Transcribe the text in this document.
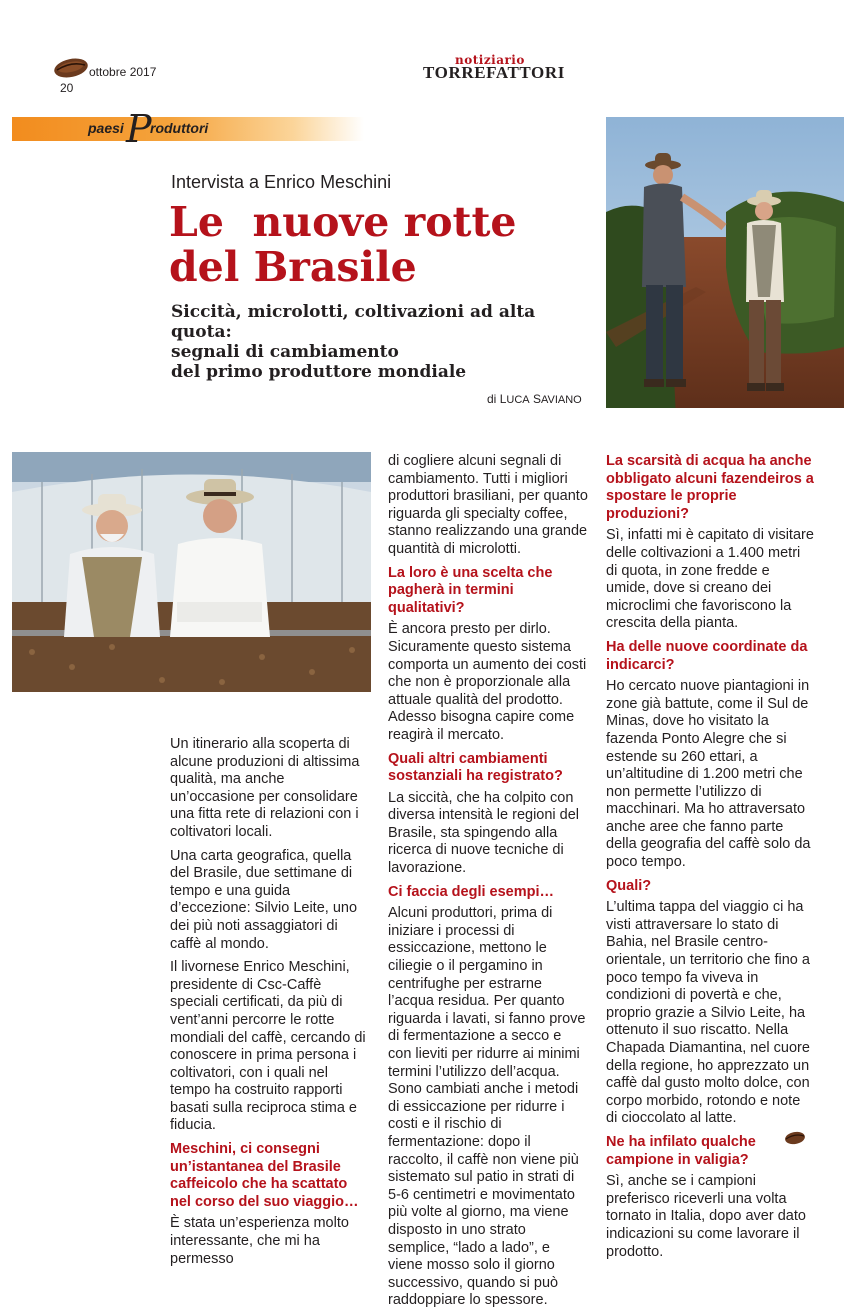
ottobre 2017
20
notiziario
TORREFATTORI
paesi P
roduttori
Intervista a Enrico Meschini
Le  nuove rotte
del Brasile
Siccità, microlotti, coltivazioni ad alta quota:
segnali di cambiamento
del primo produttore mondiale
di LUCA SAVIANO

Un itinerario alla scoperta di alcune produzioni di altissima qualità, ma anche un’occasione per consolidare una fitta rete di relazioni con i coltivatori locali.

Una carta geografica, quella del Brasile, due settimane di tempo e una guida d’eccezione: Silvio Leite, uno dei più noti assaggiatori di caffè al mondo.

Il livornese Enrico Meschini, presidente di Csc-Caffè speciali certificati, da più di vent’anni percorre le rotte mondiali del caffè, cercando di conoscere in prima persona i coltivatori, con i quali nel tempo ha costruito rapporti basati sulla reciproca stima e fiducia.

Meschini, ci consegni un’istantanea del Brasile caffeicolo che ha scattato nel corso del suo viaggio…

È stata un’esperienza molto interessante, che mi ha permesso

di cogliere alcuni segnali di cambiamento. Tutti i migliori produttori brasiliani, per quanto riguarda gli specialty coffee, stanno realizzando una grande quantità di microlotti.

La loro è una scelta che pagherà in termini qualitativi?

È ancora presto per dirlo. Sicuramente questo sistema comporta un aumento dei costi che non è proporzionale alla attuale qualità del prodotto. Adesso bisogna capire come reagirà il mercato.

Quali altri cambiamenti sostanziali ha registrato?

La siccità, che ha colpito con diversa intensità le regioni del Brasile, sta spingendo alla ricerca di nuove tecniche di lavorazione.

Ci faccia degli esempi…

Alcuni produttori, prima di iniziare i processi di essiccazione, mettono le ciliegie o il pergamino in centrifughe per estrarne l’acqua residua. Per quanto riguarda i lavati, si fanno prove di fermentazione a secco e con lieviti per ridurre ai minimi termini l’utilizzo dell’acqua. Sono cambiati anche i metodi di essiccazione per ridurre i costi e il rischio di fermentazione: dopo il raccolto, il caffè non viene più sistemato sul patio in strati di 5-6 centimetri e movimentato più volte al giorno, ma viene disposto in uno strato semplice, “lado a lado”, e viene mosso solo il giorno successivo, quando si può raddoppiare lo spessore.

La scarsità di acqua ha anche obbligato alcuni fazendeiros a spostare le proprie produzioni?

Sì, infatti mi è capitato di visitare delle coltivazioni a 1.400 metri di quota, in zone fredde e umide, dove si creano dei microclimi che favoriscono la crescita della pianta.

Ha delle nuove coordinate da indicarci?

Ho cercato nuove piantagioni in zone già battute, come il Sul de Minas, dove ho visitato la fazenda Ponto Alegre che si estende su 260 ettari, a un’altitudine di 1.200 metri che non permette l’utilizzo di macchinari. Ma ho attraversato anche aree che fanno parte della geografia del caffè solo da poco tempo.

Quali?

L’ultima tappa del viaggio ci ha visti attraversare lo stato di Bahia, nel Brasile centro-orientale, un territorio che fino a poco tempo fa viveva in condizioni di povertà e che, proprio grazie a Silvio Leite, ha ottenuto il suo riscatto. Nella Chapada Diamantina, nel cuore della regione, ho apprezzato un caffè dal gusto molto dolce, con corpo morbido, rotondo e note di cioccolato al latte.

Ne ha infilato qualche campione in valigia?

Sì, anche se i campioni preferisco riceverli una volta tornato in Italia, dopo aver dato indicazioni su come lavorare il prodotto.
